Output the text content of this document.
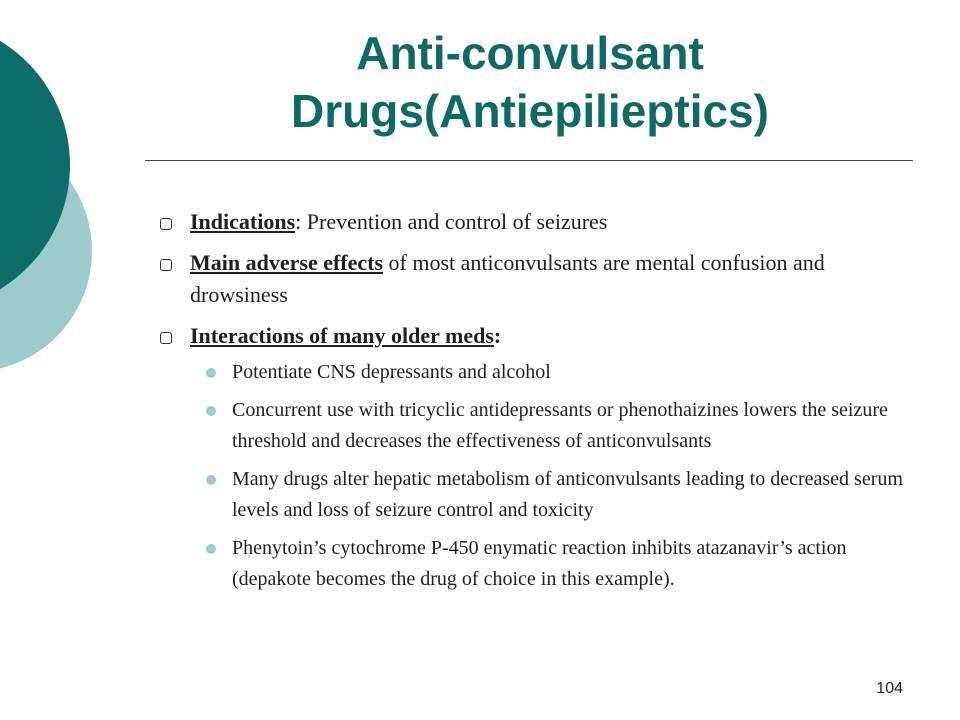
Anti-convulsant
Drugs(Antiepilieptics)
Indications: Prevention and control of seizures
Main adverse effects of most anticonvulsants are mental confusion and drowsiness
Interactions of many older meds:
Potentiate CNS depressants and alcohol
Concurrent use with tricyclic antidepressants or phenothaizines lowers the seizure threshold and decreases the effectiveness of anticonvulsants
Many drugs alter hepatic metabolism of anticonvulsants leading to decreased serum levels and loss of seizure control and toxicity
Phenytoin’s cytochrome P-450 enymatic reaction inhibits atazanavir’s action (depakote becomes the drug of choice in this example).
104
